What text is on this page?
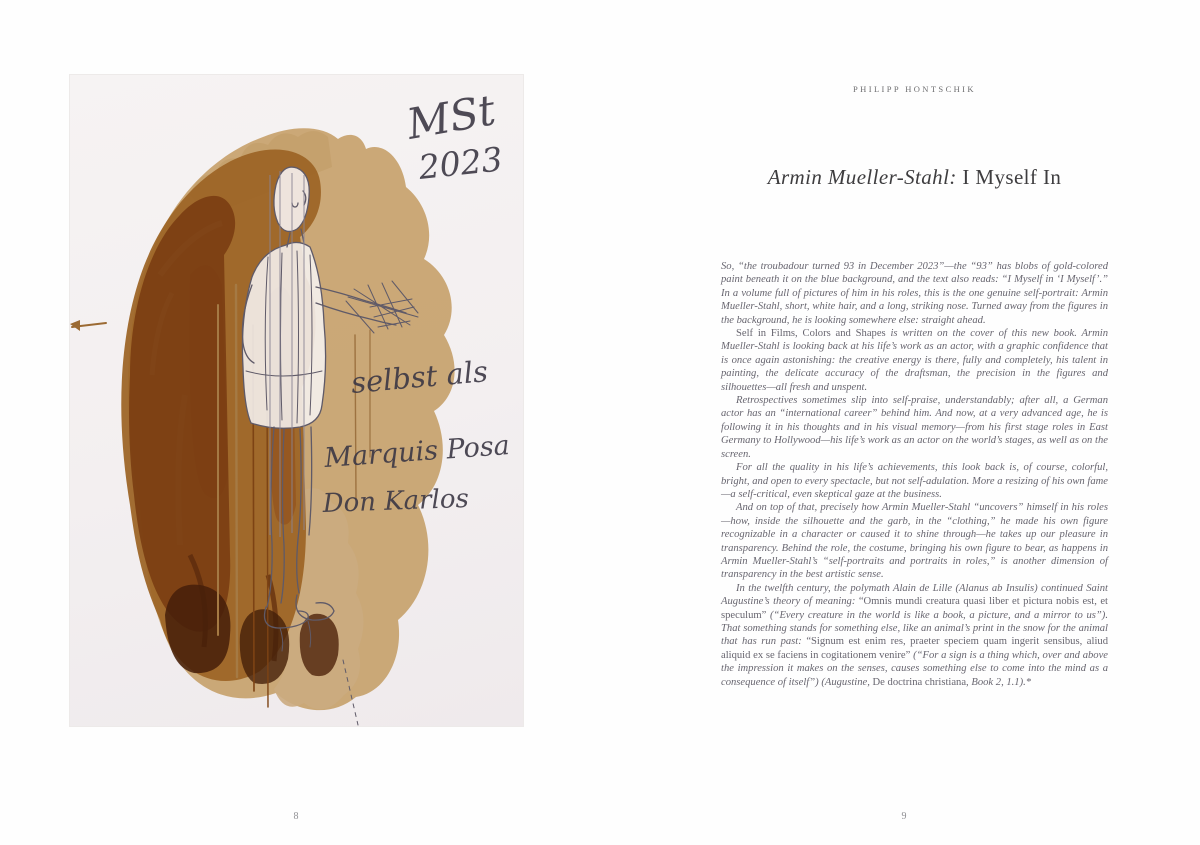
MSt
2023
selbst als
Marquis Posa
Don Karlos
8
PHILIPP HONTSCHIK
Armin Mueller-Stahl: I Myself In

So, “the troubadour turned 93 in December 2023”—the “93” has blobs of gold-colored paint beneath it on the blue background, and the text also reads: “I Myself in ‘I Myself’.” In a volume full of pictures of him in his roles, this is the one genuine self-portrait: Armin Mueller-Stahl, short, white hair, and a long, striking nose. Turned away from the figures in the background, he is looking somewhere else: straight ahead.

Self in Films, Colors and Shapes is written on the cover of this new book. Armin Mueller-Stahl is looking back at his life’s work as an actor, with a graphic confidence that is once again astonishing: the creative energy is there, fully and completely, his talent in painting, the delicate accuracy of the draftsman, the precision in the figures and silhouettes—all fresh and unspent.

Retrospectives sometimes slip into self-praise, understandably; after all, a German actor has an “international career” behind him. And now, at a very advanced age, he is following it in his thoughts and in his visual memory—from his first stage roles in East Germany to Hollywood—his life’s work as an actor on the world’s stages, as well as on the screen.

For all the quality in his life’s achievements, this look back is, of course, colorful, bright, and open to every spectacle, but not self-adulation. More a resizing of his own fame—a self-critical, even skeptical gaze at the business.

And on top of that, precisely how Armin Mueller-Stahl “uncovers” himself in his roles—how, inside the silhouette and the garb, in the “clothing,” he made his own figure recognizable in a character or caused it to shine through—he takes up our pleasure in transparency. Behind the role, the costume, bringing his own figure to bear, as happens in Armin Mueller-Stahl’s “self-portraits and portraits in roles,” is another dimension of transparency in the best artistic sense.

In the twelfth century, the polymath Alain de Lille (Alanus ab Insulis) continued Saint Augustine’s theory of meaning: “Omnis mundi creatura quasi liber et pictura nobis est, et speculum” (“Every creature in the world is like a book, a picture, and a mirror to us”). That something stands for something else, like an animal’s print in the snow for the animal that has run past: “Signum est enim res, praeter speciem quam ingerit sensibus, aliud aliquid ex se faciens in cogitationem venire” (“For a sign is a thing which, over and above the impression it makes on the senses, causes something else to come into the mind as a consequence of itself”) (Augustine, De doctrina christiana, Book 2, 1.1).*

9
